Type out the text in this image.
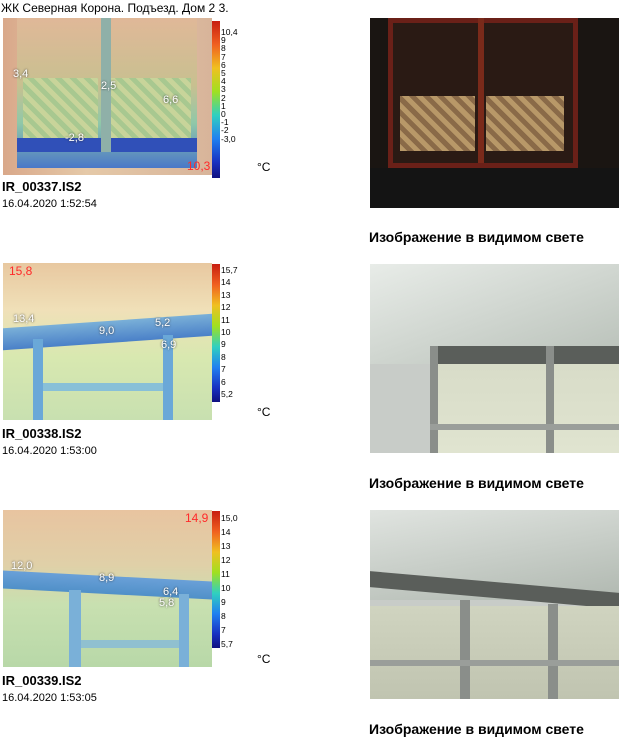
ЖК Северная Корона. Подъезд. Дом 2 3.
3,4
2,5
6,6
-2,8
10,3
10,4
9
8
7
6
5
4
3
2
1
0
-1
-2
-3,0
°C
IR_00337.IS2
16.04.2020 1:52:54
Изображение в видимом свете
13,4
9,0
5,2
6,9
15,8	15,7
14
13
12
11
10
9
8
7
6
5,2
°C
IR_00338.IS2
16.04.2020 1:53:00
Изображение в видимом свете
12,0
8,9
6,4
5,8
14,9 15,0
14
13
12
11
10
9
8
7
5,7
°C
IR_00339.IS2
16.04.2020 1:53:05
Изображение в видимом свете
